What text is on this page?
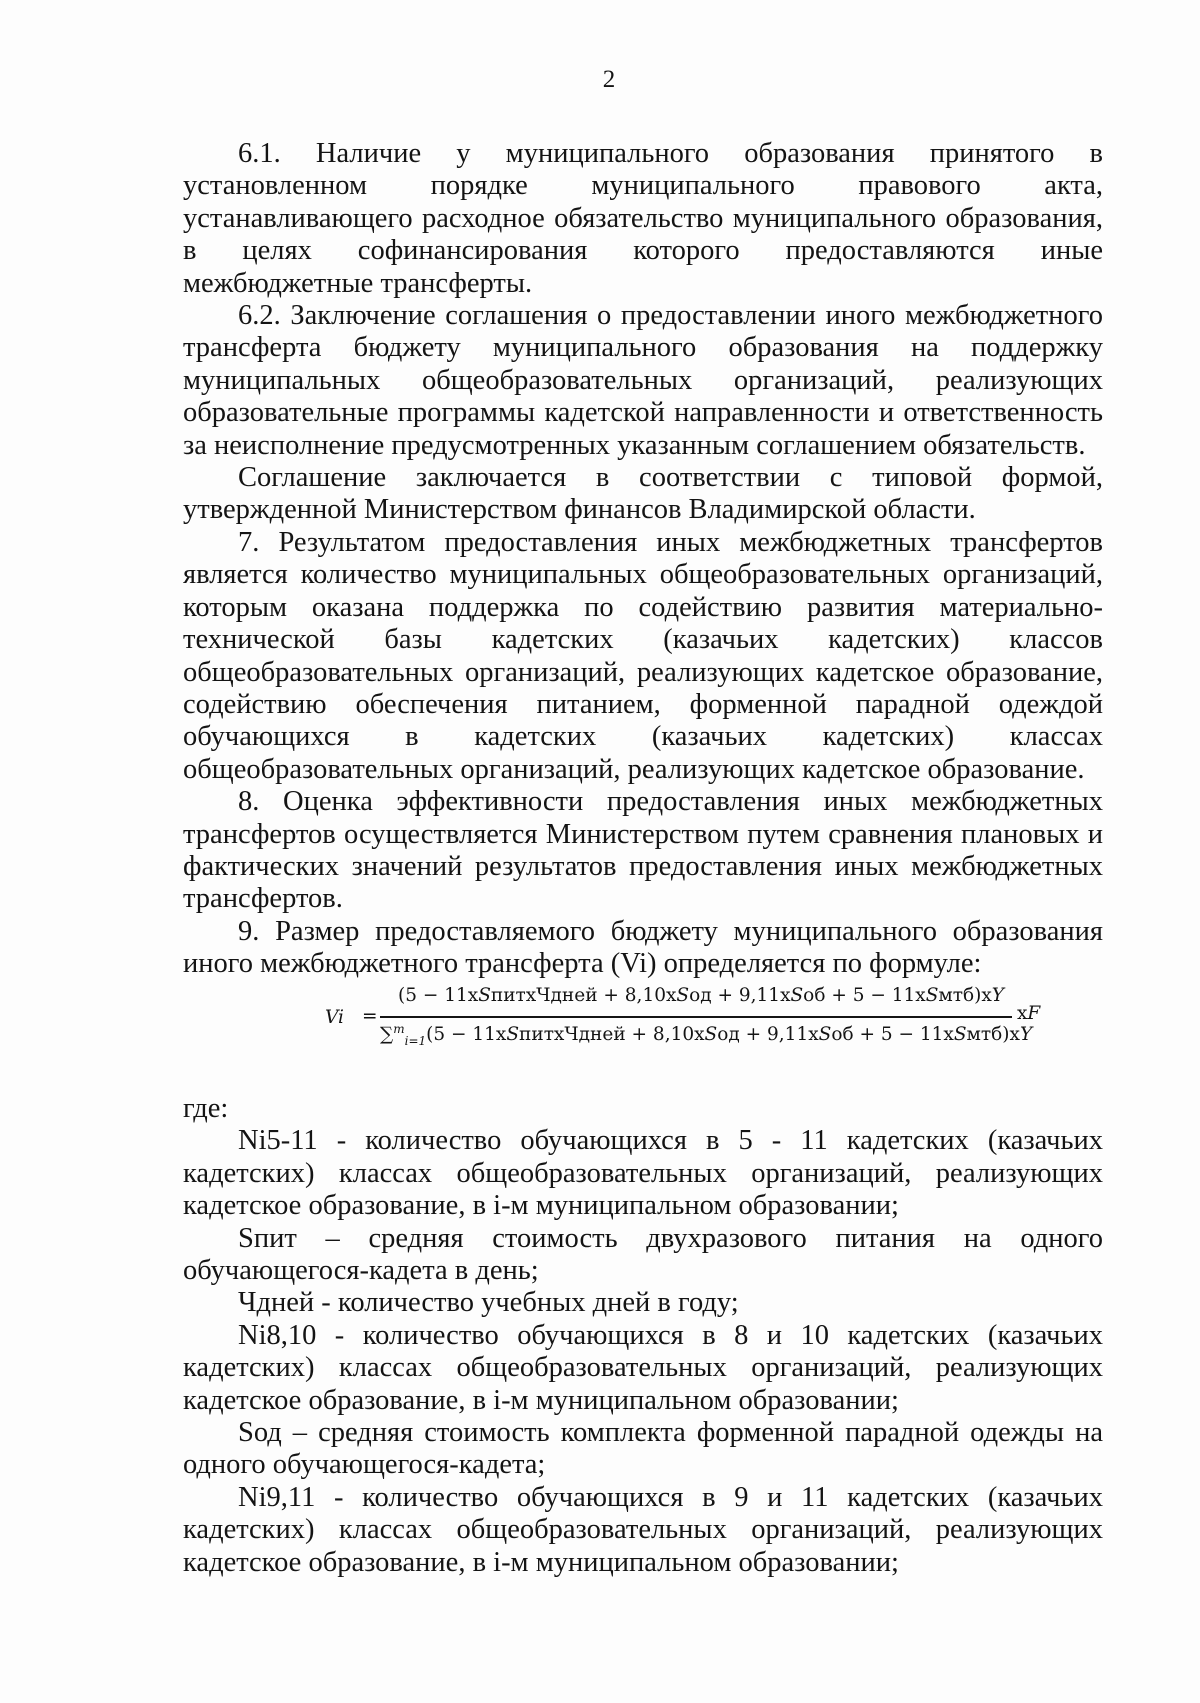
2

6.1. Наличие у муниципального образования принятого в установленном порядке муниципального правового акта, устанавливающего расходное обязательство муниципального образования, в целях софинансирования которого предоставляются иные межбюджетные трансферты.

6.2. Заключение соглашения о предоставлении иного межбюджетного трансферта бюджету муниципального образования на поддержку муниципальных общеобразовательных организаций, реализующих образовательные программы кадетской направленности и ответственность за неисполнение предусмотренных указанным соглашением обязательств.

Соглашение заключается в соответствии с типовой формой, утвержденной Министерством финансов Владимирской области.

7. Результатом предоставления иных межбюджетных трансфертов является количество муниципальных общеобразовательных организаций, которым оказана поддержка по содействию развития материально-технической базы кадетских (казачьих кадетских) классов общеобразовательных организаций, реализующих кадетское образование, содействию обеспечения питанием, форменной парадной одеждой обучающихся в кадетских (казачьих кадетских) классах общеобразовательных организаций, реализующих кадетское образование.

8. Оценка эффективности предоставления иных межбюджетных трансфертов осуществляется Министерством путем сравнения плановых и фактических значений результатов предоставления иных межбюджетных трансфертов.

9. Размер предоставляемого бюджету муниципального образования иного межбюджетного трансферта (Vi) определяется по формуле:

Vi =
(5 − 11x𝑆питхЧдней + 8,10x𝑆од + 9,11x𝑆об + 5 − 11x𝑆мтб)x𝑌
∑$^m_{i=1}$(5 − 11x𝑆питхЧдней + 8,10x𝑆од + 9,11x𝑆об + 5 − 11x𝑆мтб)x𝑌
x𝐹

где:

Ni5-11 - количество обучающихся в 5 - 11 кадетских (казачьих кадетских) классах общеобразовательных организаций, реализующих кадетское образование, в i-м муниципальном образовании;

Sпит – средняя стоимость двухразового питания на одного обучающегося-кадета в день;

Чдней - количество учебных дней в году;

Ni8,10 - количество обучающихся в 8 и 10 кадетских (казачьих кадетских) классах общеобразовательных организаций, реализующих кадетское образование, в i-м муниципальном образовании;

Sод – средняя стоимость комплекта форменной парадной одежды на одного обучающегося-кадета;

Ni9,11 - количество обучающихся в 9 и 11 кадетских (казачьих кадетских) классах общеобразовательных организаций, реализующих кадетское образование, в i-м муниципальном образовании;
